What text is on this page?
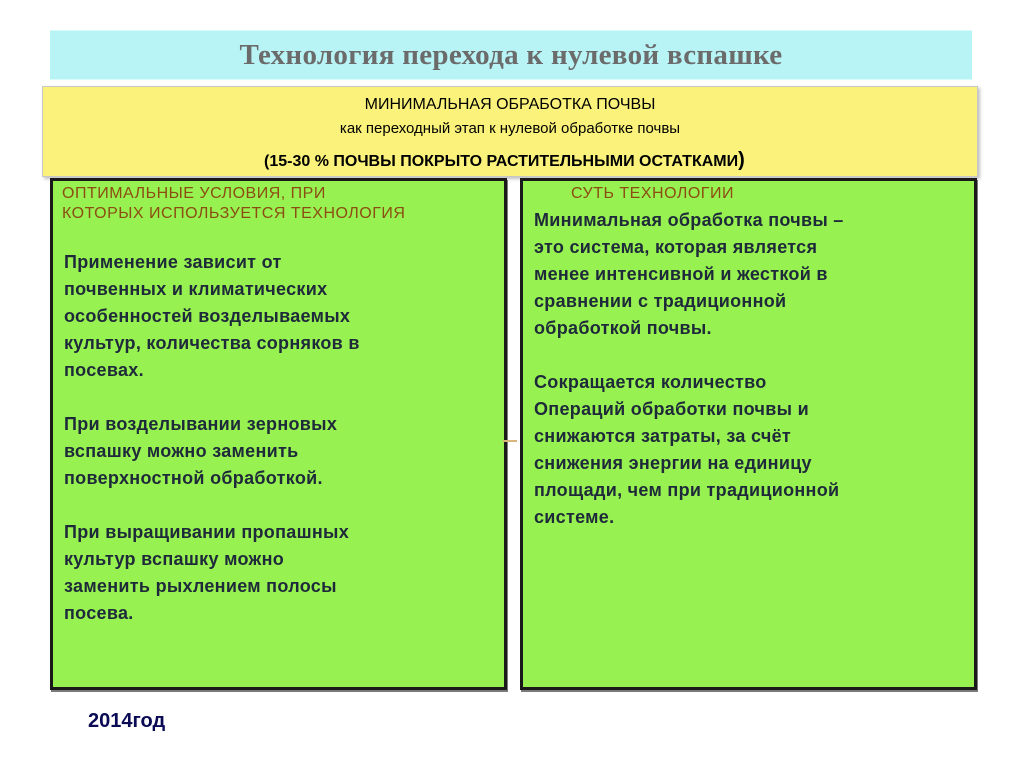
Технология перехода к нулевой вспашке
МИНИМАЛЬНАЯ ОБРАБОТКА ПОЧВЫ
как переходный этап к нулевой обработке почвы
(15-30 % ПОЧВЫ ПОКРЫТО РАСТИТЕЛЬНЫМИ ОСТАТКАМИ)
ОПТИМАЛЬНЫЕ УСЛОВИЯ, ПРИ
КОТОРЫХ ИСПОЛЬЗУЕТСЯ ТЕХНОЛОГИЯ
Применение зависит от
почвенных и климатических
особенностей возделываемых
культур, количества сорняков в
посевах.
При возделывании зерновых
вспашку можно заменить
поверхностной обработкой.
При выращивании пропашных
культур вспашку можно
заменить рыхлением полосы
посева.
СУТЬ ТЕХНОЛОГИИ
Минимальная обработка почвы –
это система, которая является
менее интенсивной и жесткой в
сравнении с традиционной
обработкой почвы.
Сокращается количество
Операций обработки почвы и
снижаются затраты, за счёт
снижения энергии на единицу
площади, чем при традиционной
системе.
2014год
